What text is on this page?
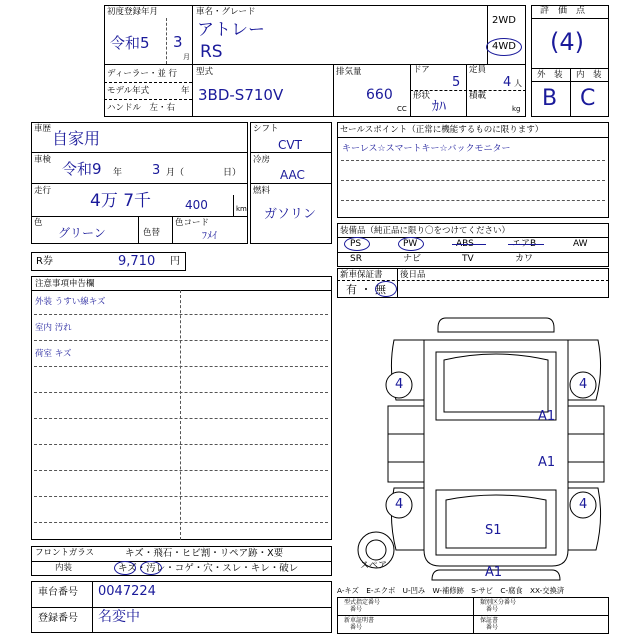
初度登録年月
令和5 3
月
車名・グレード
アトレー
RS
2WD
4WD
ディーラー・並 行
モデル年式	年
ハンドル　左・右
型式
3BD-S710V
排気量
660
CC
ドア
5
定員
4 人
形状
ｶﾊ
積載
kg
評　価　点
(4)
外　装 内　装
B C
車歴 自家用
車検 令和9 年 3 月（	日）
走行 4万 7千	400	km
色
グリーン	色替
色コード
ﾌﾒｲ
シフト
CVT
冷房
AAC
燃料
ガソリン
R券	9,710 円
セールスポイント（正常に機能するものに限ります）
キーレス☆スマートキー☆バックモニター
装備品（純正品に限り〇をつけてください）
PS	PW	ABS	エアB	AW
SR	ナビ	TV	カワ
新車保証書 後日品
有 ・ 無
注意事項申告欄
外装 うすい線キズ
室内 汚れ
荷室 キズ
4	4
A1
A1
4	4
S1
A1
スペア
フロントガラス	キズ・飛石・ヒビ割・リペア跡・X要
内装	キズ・汚レ・コゲ・穴・スレ・キレ・破レ
A-キズ　E-エクボ　U-凹み　W-補修跡　S-サビ　C-腐食　XX-交換済
車台番号 0047224
登録番号 名変中
型式指定番号
番号
類別区分番号
番号
新車証明書
番号
保証書
番号
